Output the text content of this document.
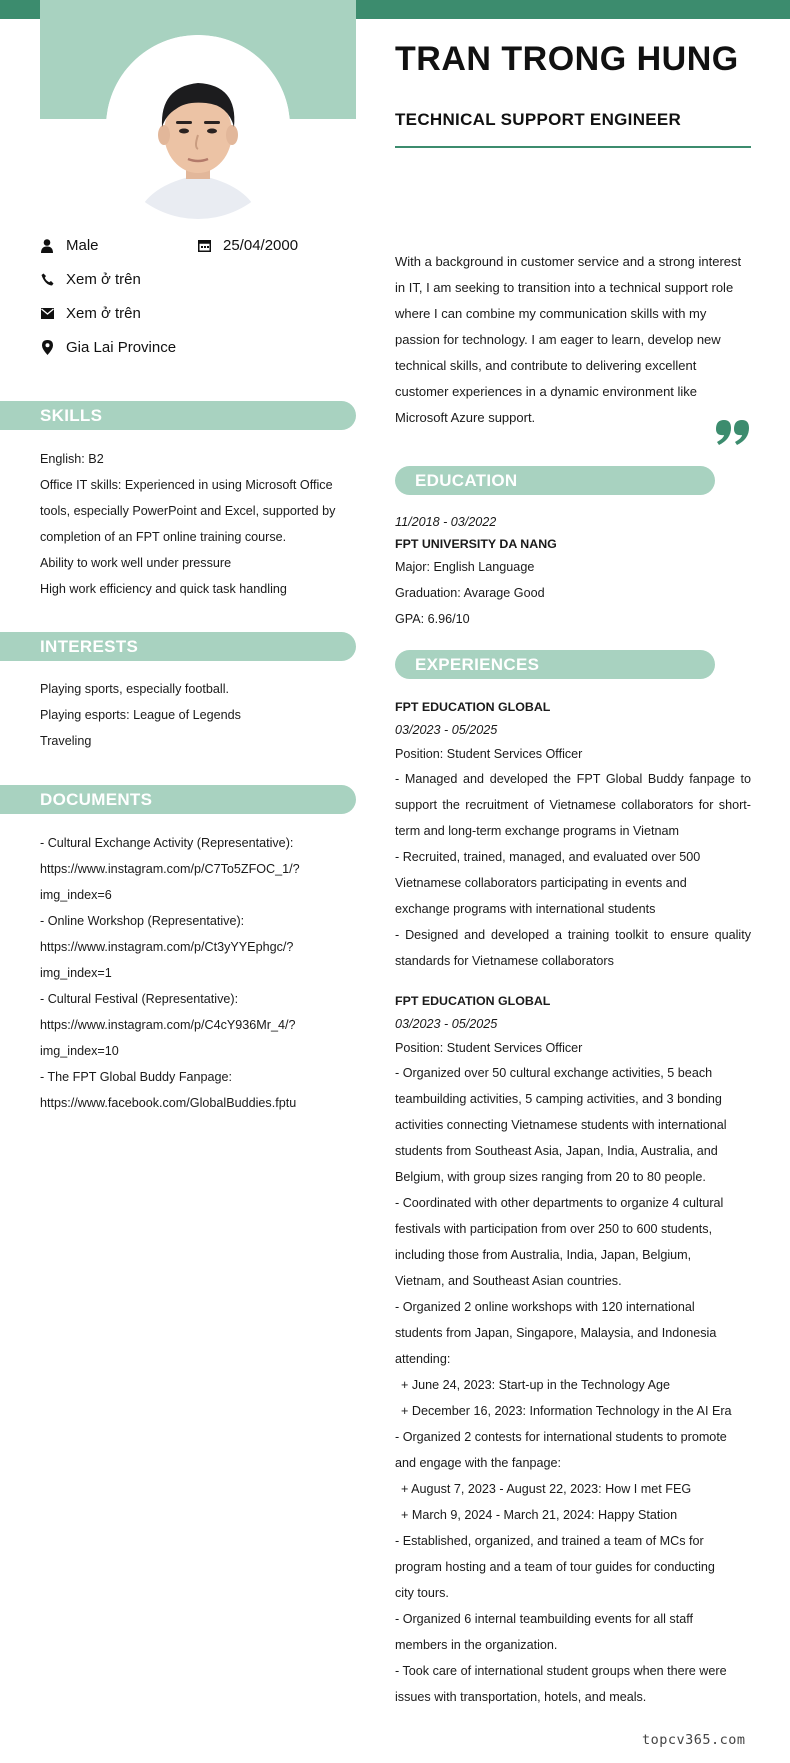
TRAN TRONG HUNG
TECHNICAL SUPPORT ENGINEER
Male	25/04/2000
Xem ở trên
Xem ở trên
Gia Lai Province
With a background in customer service and a strong interest in IT, I am seeking to transition into a technical support role where I can combine my communication skills with my passion for technology. I am eager to learn, develop new technical skills, and contribute to delivering excellent customer experiences in a dynamic environment like Microsoft Azure support.
SKILLS
English: B2
Office IT skills: Experienced in using Microsoft Office
tools, especially PowerPoint and Excel, supported by
completion of an FPT online training course.
Ability to work well under pressure
High work efficiency and quick task handling
INTERESTS
Playing sports, especially football.
Playing esports: League of Legends
Traveling
DOCUMENTS
- Cultural Exchange Activity (Representative):
https://www.instagram.com/p/C7To5ZFOC_1/?
img_index=6
- Online Workshop (Representative):
https://www.instagram.com/p/Ct3yYYEphgc/?
img_index=1
- Cultural Festival (Representative):
https://www.instagram.com/p/C4cY936Mr_4/?
img_index=10
- The FPT Global Buddy Fanpage:
https://www.facebook.com/GlobalBuddies.fptu
EDUCATION
11/2018 - 03/2022
FPT UNIVERSITY DA NANG
Major: English Language
Graduation: Avarage Good
GPA: 6.96/10
EXPERIENCES
FPT EDUCATION GLOBAL
03/2023 - 05/2025
Position: Student Services Officer
- Managed and developed the FPT Global Buddy fanpage to support the recruitment of Vietnamese collaborators for short-term and long-term exchange programs in Vietnam
- Recruited, trained, managed, and evaluated over 500
Vietnamese collaborators participating in events and
exchange programs with international students
- Designed and developed a training toolkit to ensure quality standards for Vietnamese collaborators
FPT EDUCATION GLOBAL
03/2023 - 05/2025
Position: Student Services Officer
- Organized over 50 cultural exchange activities, 5 beach
teambuilding activities, 5 camping activities, and 3 bonding
activities connecting Vietnamese students with international
students from Southeast Asia, Japan, India, Australia, and
Belgium, with group sizes ranging from 20 to 80 people.
- Coordinated with other departments to organize 4 cultural
festivals with participation from over 250 to 600 students,
including those from Australia, India, Japan, Belgium,
Vietnam, and Southeast Asian countries.
- Organized 2 online workshops with 120 international
students from Japan, Singapore, Malaysia, and Indonesia
attending:
+ June 24, 2023: Start-up in the Technology Age
+ December 16, 2023: Information Technology in the AI Era
- Organized 2 contests for international students to promote
and engage with the fanpage:
+ August 7, 2023 - August 22, 2023: How I met FEG
+ March 9, 2024 - March 21, 2024: Happy Station
- Established, organized, and trained a team of MCs for
program hosting and a team of tour guides for conducting
city tours.
- Organized 6 internal teambuilding events for all staff
members in the organization.
- Took care of international student groups when there were
issues with transportation, hotels, and meals.
topcv365.com
